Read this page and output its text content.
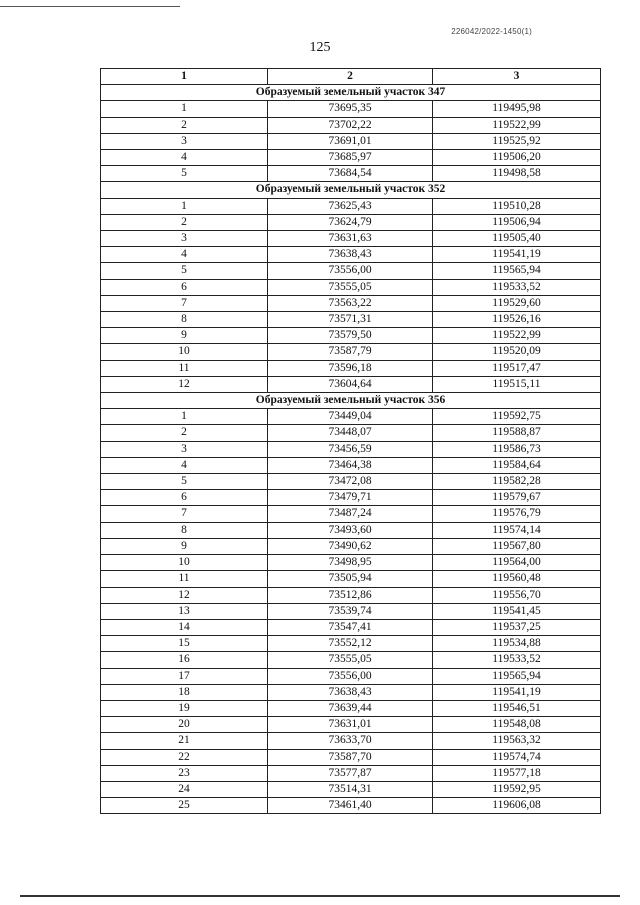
226042/2022-1450(1)
125
1	2	3
Образуемый земельный участок 347		
1	73695,35	119495,98
2	73702,22	119522,99
3	73691,01	119525,92
4	73685,97	119506,20
5	73684,54	119498,58
Образуемый земельный участок 352		
1	73625,43	119510,28
2	73624,79	119506,94
3	73631,63	119505,40
4	73638,43	119541,19
5	73556,00	119565,94
6	73555,05	119533,52
7	73563,22	119529,60
8	73571,31	119526,16
9	73579,50	119522,99
10	73587,79	119520,09
11	73596,18	119517,47
12	73604,64	119515,11
Образуемый земельный участок 356		
1	73449,04	119592,75
2	73448,07	119588,87
3	73456,59	119586,73
4	73464,38	119584,64
5	73472,08	119582,28
6	73479,71	119579,67
7	73487,24	119576,79
8	73493,60	119574,14
9	73490,62	119567,80
10	73498,95	119564,00
11	73505,94	119560,48
12	73512,86	119556,70
13	73539,74	119541,45
14	73547,41	119537,25
15	73552,12	119534,88
16	73555,05	119533,52
17	73556,00	119565,94
18	73638,43	119541,19
19	73639,44	119546,51
20	73631,01	119548,08
21	73633,70	119563,32
22	73587,70	119574,74
23	73577,87	119577,18
24	73514,31	119592,95
25	73461,40	119606,08
